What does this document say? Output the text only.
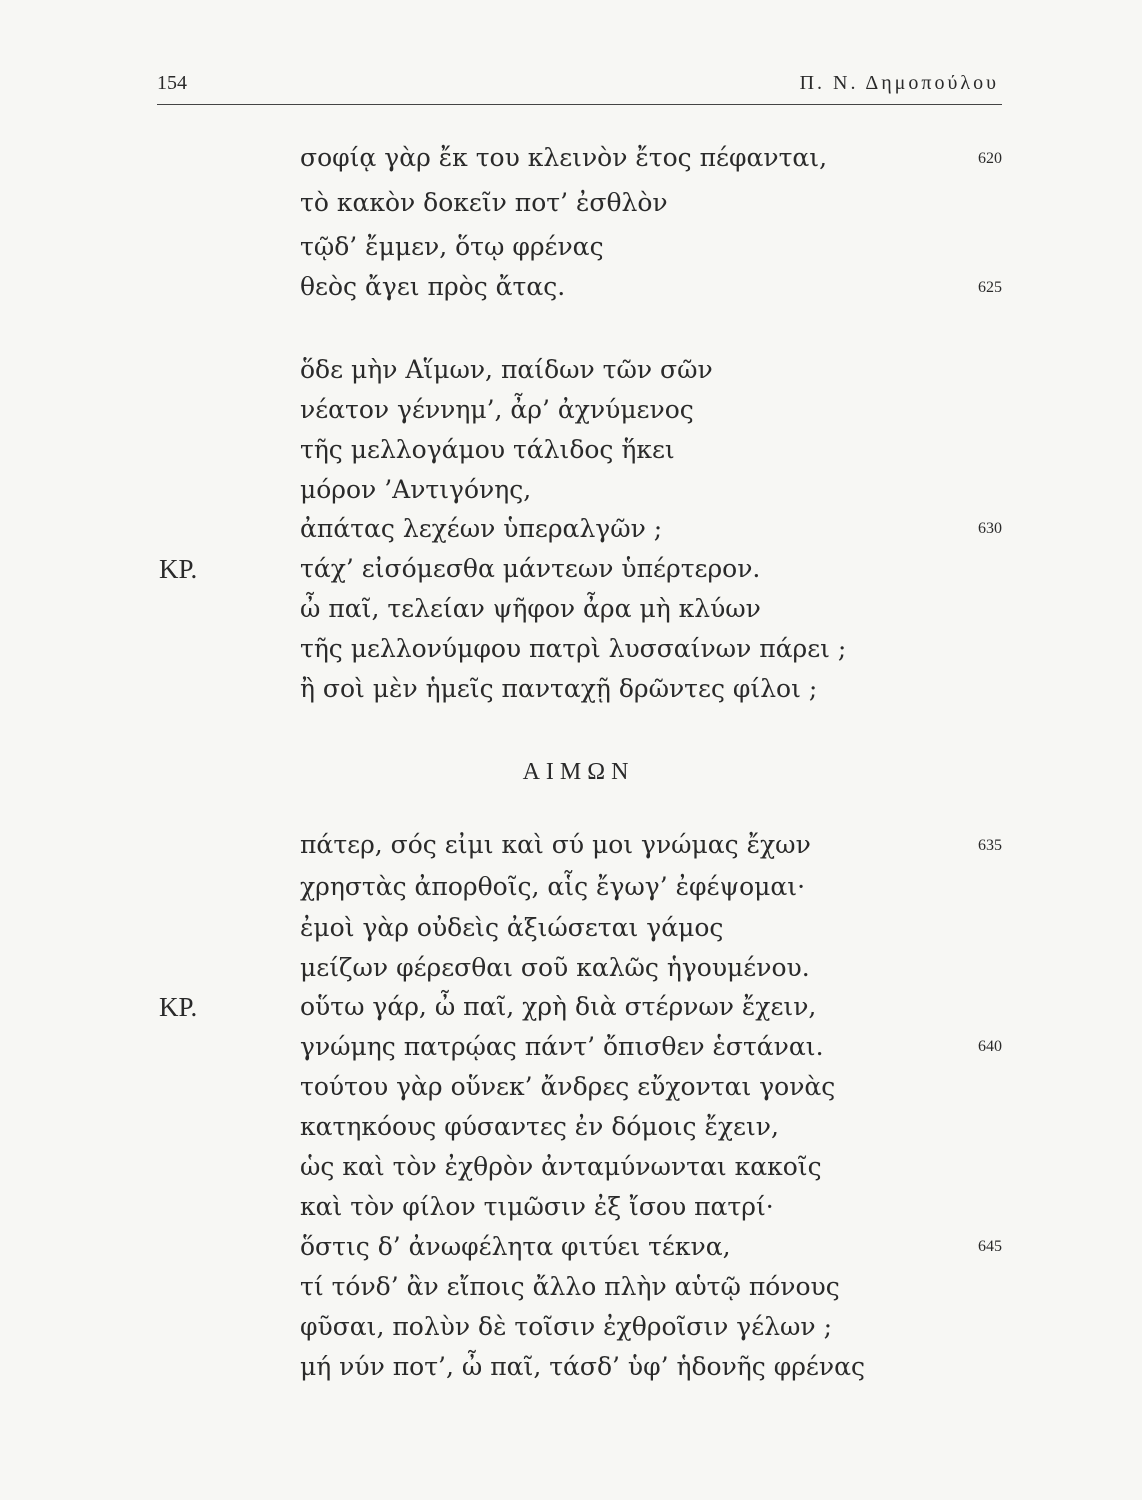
154	Π. Ν. Δημοπούλου
σοφίᾳ γὰρ ἔκ του κλεινὸν ἔτος πέφανται,	620
τὸ κακὸν δοκεῖν ποτ’ ἐσθλὸν
τῷδ’ ἔμμεν, ὅτῳ φρένας
θεὸς ἄγει πρὸς ἄτας.	625
ὅδε μὴν Αἵμων, παίδων τῶν σῶν
νέατον γέννημ’, ἆρ’ ἀχνύμενος
τῆς μελλογάμου τάλιδος ἥκει
μόρον ’Αντιγόνης,
ἀπάτας λεχέων ὑπεραλγῶν ;	630
ΚΡ.	τάχ’ εἰσόμεσθα μάντεων ὑπέρτερον.
ὦ παῖ, τελείαν ψῆφον ἆρα μὴ κλύων
τῆς μελλονύμφου πατρὶ λυσσαίνων πάρει ;
ἢ σοὶ μὲν ἡμεῖς πανταχῇ δρῶντες φίλοι ;
ΑΙΜΩΝ
πάτερ, σός εἰμι καὶ σύ μοι γνώμας ἔχων	635
χρηστὰς ἀπορθοῖς, αἷς ἔγωγ’ ἐφέψομαι·
ἐμοὶ γὰρ οὐδεὶς ἀξιώσεται γάμος
μείζων φέρεσθαι σοῦ καλῶς ἡγουμένου.
ΚΡ.	οὕτω γάρ, ὦ παῖ, χρὴ διὰ στέρνων ἔχειν,
γνώμης πατρῴας πάντ’ ὄπισθεν ἑστάναι.	640
τούτου γὰρ οὕνεκ’ ἄνδρες εὔχονται γονὰς
κατηκόους φύσαντες ἐν δόμοις ἔχειν,
ὡς καὶ τὸν ἐχθρὸν ἀνταμύνωνται κακοῖς
καὶ τὸν φίλον τιμῶσιν ἐξ ἴσου πατρί·
ὅστις δ’ ἀνωφέλητα φιτύει τέκνα,	645
τί τόνδ’ ἂν εἴποις ἄλλο πλὴν αὑτῷ πόνους
φῦσαι, πολὺν δὲ τοῖσιν ἐχθροῖσιν γέλων ;
μή νύν ποτ’, ὦ παῖ, τάσδ’ ὑφ’ ἡδονῆς φρένας
